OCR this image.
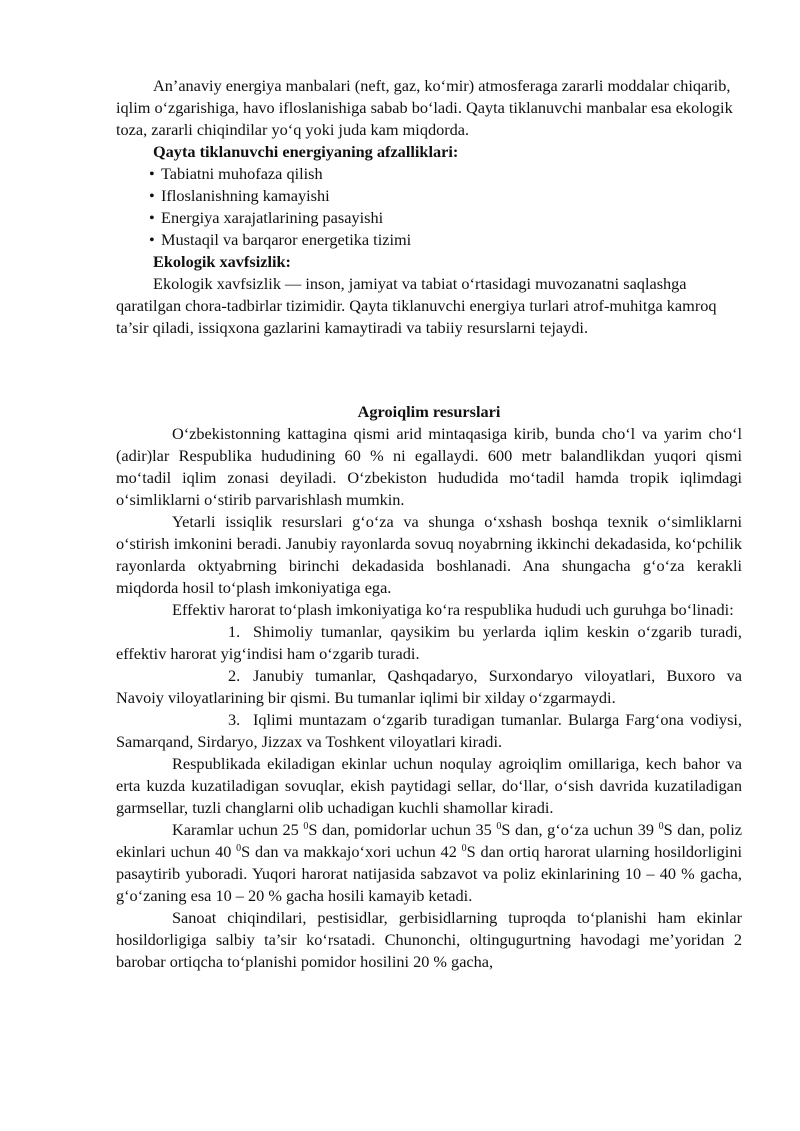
An’anaviy energiya manbalari (neft, gaz, ko‘mir) atmosferaga zararli moddalar chiqarib, iqlim o‘zgarishiga, havo ifloslanishiga sabab bo‘ladi. Qayta tiklanuvchi manbalar esa ekologik toza, zararli chiqindilar yo‘q yoki juda kam miqdorda.

Qayta tiklanuvchi energiyaning afzalliklari:

• Tabiatni muhofaza qilish
• Ifloslanishning kamayishi
• Energiya xarajatlarining pasayishi
• Mustaqil va barqaror energetika tizimi

Ekologik xavfsizlik:

Ekologik xavfsizlik — inson, jamiyat va tabiat o‘rtasidagi muvozanatni saqlashga qaratilgan chora-tadbirlar tizimidir. Qayta tiklanuvchi energiya turlari atrof-muhitga kamroq ta’sir qiladi, issiqxona gazlarini kamaytiradi va tabiiy resurslarni tejaydi.

Agroiqlim resurslari

O‘zbekistonning kattagina qismi arid mintaqasiga kirib, bunda cho‘l va yarim cho‘l (adir)lar Respublika hududining 60 % ni egallaydi. 600 metr balandlikdan yuqori qismi mo‘tadil iqlim zonasi deyiladi. O‘zbekiston hududida mo‘tadil hamda tropik iqlimdagi o‘simliklarni o‘stirib parvarishlash mumkin.

Yetarli issiqlik resurslari g‘o‘za va shunga o‘xshash boshqa texnik o‘simliklarni o‘stirish imkonini beradi. Janubiy rayonlarda sovuq noyabrning ikkinchi dekadasida, ko‘pchilik rayonlarda oktyabrning birinchi dekadasida boshlanadi. Ana shungacha g‘o‘za kerakli miqdorda hosil to‘plash imkoniyatiga ega.

Effektiv harorat to‘plash imkoniyatiga ko‘ra respublika hududi uch guruhga bo‘linadi:

1. Shimoliy tumanlar, qaysikim bu yerlarda iqlim keskin o‘zgarib turadi, effektiv harorat yig‘indisi ham o‘zgarib turadi.

2. Janubiy tumanlar, Qashqadaryo, Surxondaryo viloyatlari, Buxoro va Navoiy viloyatlarining bir qismi. Bu tumanlar iqlimi bir xilday o‘zgarmaydi.

3. Iqlimi muntazam o‘zgarib turadigan tumanlar. Bularga Farg‘ona vodiysi, Samarqand, Sirdaryo, Jizzax va Toshkent viloyatlari kiradi.

Respublikada ekiladigan ekinlar uchun noqulay agroiqlim omillariga, kech bahor va erta kuzda kuzatiladigan sovuqlar, ekish paytidagi sellar, do‘llar, o‘sish davrida kuzatiladigan garmsellar, tuzli changlarni olib uchadigan kuchli shamollar kiradi.

Karamlar uchun 25 $^0$S dan, pomidorlar uchun 35 $^0$S dan, g‘o‘za uchun 39 $^0$S dan, poliz ekinlari uchun 40 $^0$S dan va makkajo‘xori uchun 42 $^0$S dan ortiq harorat ularning hosildorligini pasaytirib yuboradi. Yuqori harorat natijasida sabzavot va poliz ekinlarining 10 – 40 % gacha, g‘o‘zaning esa 10 – 20 % gacha hosili kamayib ketadi.

Sanoat chiqindilari, pestisidlar, gerbisidlarning tuproqda to‘planishi ham ekinlar hosildorligiga salbiy ta’sir ko‘rsatadi. Chunonchi, oltingugurtning havodagi me’yoridan 2 barobar ortiqcha to‘planishi pomidor hosilini 20 % gacha,
